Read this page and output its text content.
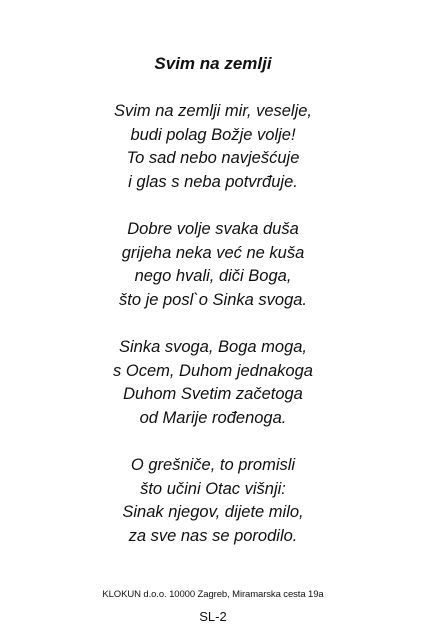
Svim na zemlji
Svim na zemlji mir, veselje,
budi polag Božje volje!
To sad nebo navješćuje
i glas s neba potvrđuje.
Dobre volje svaka duša
grijeha neka već ne kuša
nego hvali, diči Boga,
što je posl`o Sinka svoga.
Sinka svoga, Boga moga,
s Ocem, Duhom jednakoga
Duhom Svetim začetoga
od Marije rođenoga.
O grešniče, to promisli
što učini Otac višnji:
Sinak njegov, dijete milo,
za sve nas se porodilo.
KLOKUN d.o.o. 10000 Zagreb, Miramarska cesta 19a
SL-2
